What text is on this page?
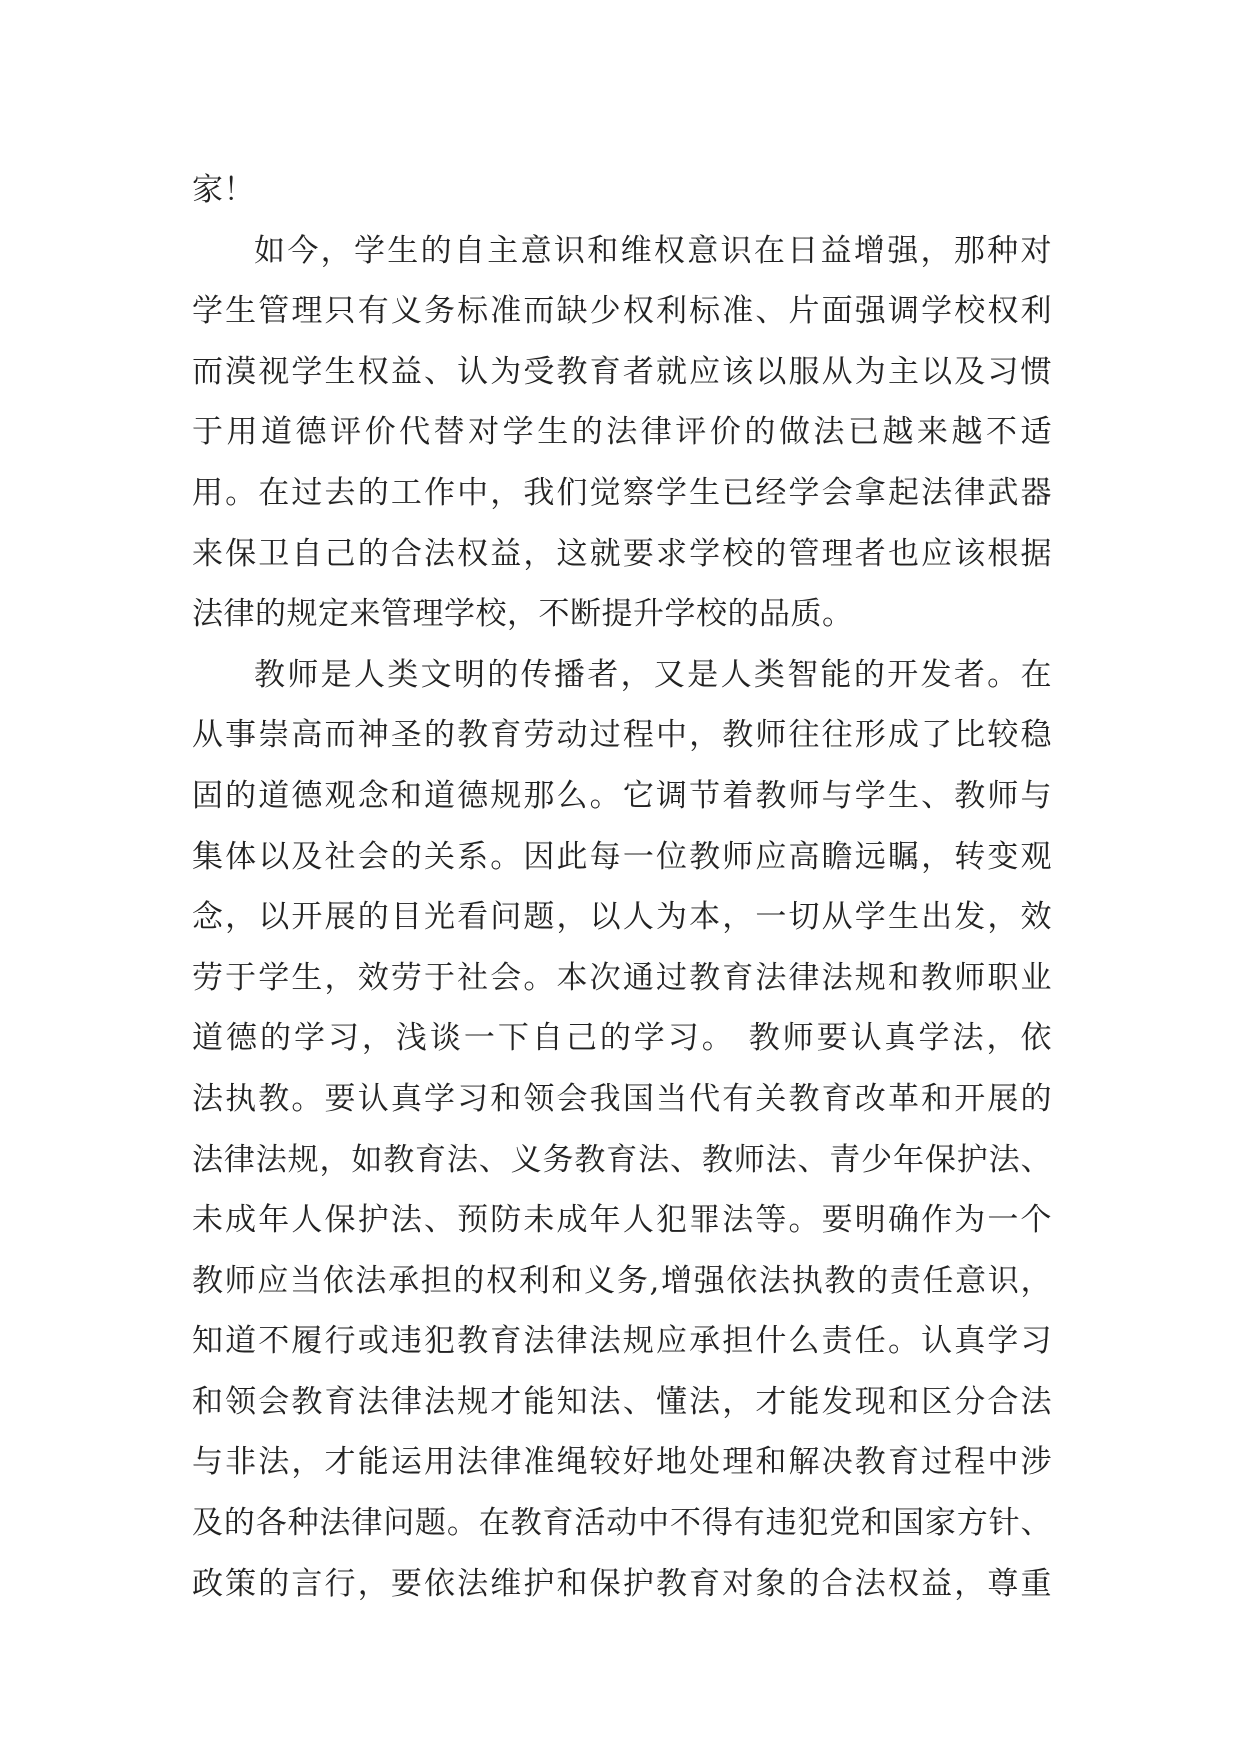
家！
如今，学生的自主意识和维权意识在日益增强，那种对
学生管理只有义务标准而缺少权利标准、片面强调学校权利
而漠视学生权益、认为受教育者就应该以服从为主以及习惯
于用道德评价代替对学生的法律评价的做法已越来越不适
用。在过去的工作中，我们觉察学生已经学会拿起法律武器
来保卫自己的合法权益，这就要求学校的管理者也应该根据
法律的规定来管理学校，不断提升学校的品质。
教师是人类文明的传播者，又是人类智能的开发者。在
从事崇高而神圣的教育劳动过程中，教师往往形成了比较稳
固的道德观念和道德规那么。它调节着教师与学生、教师与
集体以及社会的关系。因此每一位教师应高瞻远瞩，转变观
念，以开展的目光看问题，以人为本，一切从学生出发，效
劳于学生，效劳于社会。本次通过教育法律法规和教师职业
道德的学习，浅谈一下自己的学习。 教师要认真学法，依
法执教。要认真学习和领会我国当代有关教育改革和开展的
法律法规，如教育法、义务教育法、教师法、青少年保护法、
未成年人保护法、预防未成年人犯罪法等。要明确作为一个
教师应当依法承担的权利和义务,增强依法执教的责任意识，
知道不履行或违犯教育法律法规应承担什么责任。认真学习
和领会教育法律法规才能知法、懂法，才能发现和区分合法
与非法，才能运用法律准绳较好地处理和解决教育过程中涉
及的各种法律问题。在教育活动中不得有违犯党和国家方针、
政策的言行，要依法维护和保护教育对象的合法权益，尊重
